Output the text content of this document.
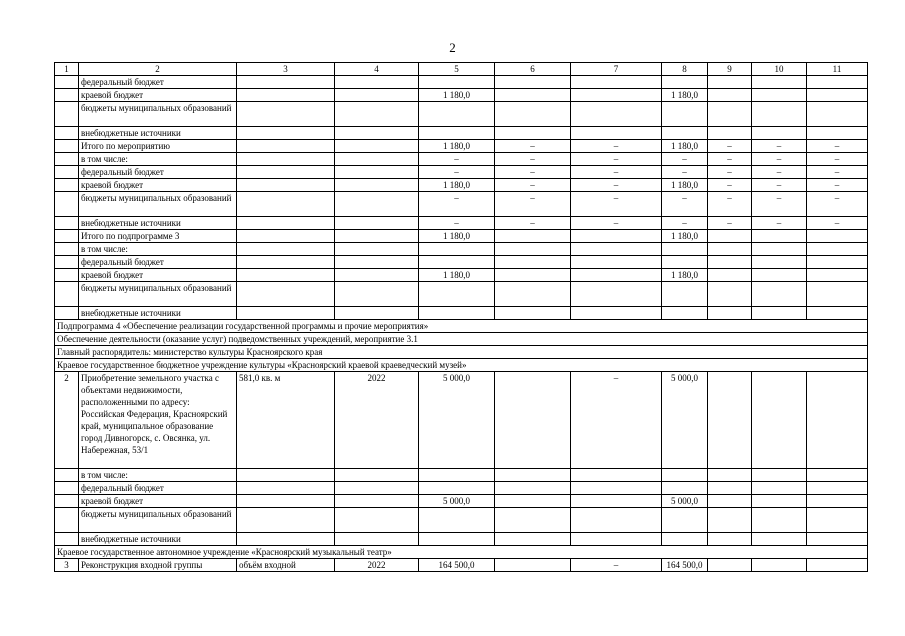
2
1	2	3	4	5	6	7	8	9	10	11
	федеральный бюджет									
	краевой бюджет			1 180,0			1 180,0			
	бюджеты муниципальных образований									
	внебюджетные источники									
	Итого по мероприятию			1 180,0	–	–	1 180,0	–	–	–
	в том числе:			–	–	–	–	–	–	–
	федеральный бюджет			–	–	–	–	–	–	–
	краевой бюджет			1 180,0	–	–	1 180,0	–	–	–
	бюджеты муниципальных образований			–	–	–	–	–	–	–
	внебюджетные источники			–	–	–	–	–	–	–
	Итого по подпрограмме 3			1 180,0			1 180,0			
	в том числе:									
	федеральный бюджет									
	краевой бюджет			1 180,0			1 180,0			
	бюджеты муниципальных образований									
	внебюджетные источники									
Подпрограмма 4 «Обеспечение реализации государственной программы и прочие мероприятия»										
Обеспечение деятельности (оказание услуг) подведомственных учреждений, мероприятие 3.1										
Главный распорядитель: министерство культуры Красноярского края										
Краевое государственное бюджетное учреждение культуры «Красноярский краевой краеведческий музей»										
2	Приобретение земельного участка с объектами недвижимости, расположенными по адресу: Российская Федерация, Красноярский край, муниципальное образование город Дивногорск, с. Овсянка, ул. Набережная, 53/1	581,0 кв. м	2022	5 000,0		–	5 000,0			
	в том числе:									
	федеральный бюджет									
	краевой бюджет			5 000,0			5 000,0			
	бюджеты муниципальных образований									
	внебюджетные источники									
Краевое государственное автономное учреждение «Красноярский музыкальный театр»										
3	Реконструкция входной группы	объём входной	2022	164 500,0		–	164 500,0			
